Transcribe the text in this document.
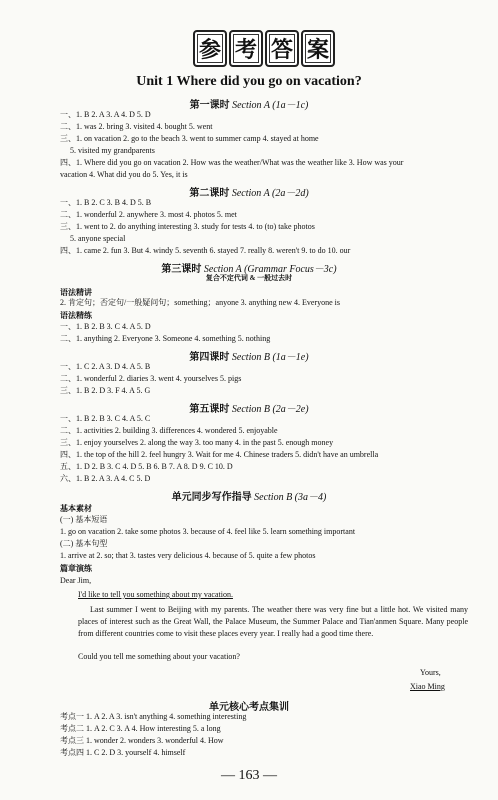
参 考 答 案
Unit 1 Where did you go on vacation?
第一课时 Section A (1a－1c)
一、1. B 2. A 3. A 4. D 5. D
二、1. was 2. bring 3. visited 4. bought 5. went
三、1. on vacation 2. go to the beach 3. went to summer camp 4. stayed at home
5. visited my grandparents
四、1. Where did you go on vacation 2. How was the weather/What was the weather like 3. How was your
vacation 4. What did you do 5. Yes, it is
第二课时 Section A (2a－2d)
一、1. B 2. C 3. B 4. D 5. B
二、1. wonderful 2. anywhere 3. most 4. photos 5. met
三、1. went to 2. do anything interesting 3. study for tests 4. to (to) take photos
5. anyone special
四、1. came 2. fun 3. But 4. windy 5. seventh 6. stayed 7. really 8. weren't 9. to do 10. our
第三课时 Section A (Grammar Focus－3c)
复合不定代词 & 一般过去时
语法精讲
2. 肯定句；否定句/一般疑问句；something；anyone 3. anything new 4. Everyone is
语法精练
一、1. B 2. B 3. C 4. A 5. D
二、1. anything 2. Everyone 3. Someone 4. something 5. nothing
第四课时 Section B (1a－1e)
一、1. C 2. A 3. D 4. A 5. B
二、1. wonderful 2. diaries 3. went 4. yourselves 5. pigs
三、1. B 2. D 3. F 4. A 5. G
第五课时 Section B (2a－2e)
一、1. B 2. B 3. C 4. A 5. C
二、1. activities 2. building 3. differences 4. wondered 5. enjoyable
三、1. enjoy yourselves 2. along the way 3. too many 4. in the past 5. enough money
四、1. the top of the hill 2. feel hungry 3. Wait for me 4. Chinese traders 5. didn't have an umbrella
五、1. D 2. B 3. C 4. D 5. B 6. B 7. A 8. D 9. C 10. D
六、1. B 2. A 3. A 4. C 5. D
单元同步写作指导 Section B (3a－4)
基本素材
(一) 基本短语
1. go on vacation 2. take some photos 3. because of 4. feel like 5. learn something important
(二) 基本句型
1. arrive at 2. so; that 3. tastes very delicious 4. because of 5. quite a few photos
篇章演练
Dear Jim,
I'd like to tell you something about my vacation.
Last summer I went to Beijing with my parents. The weather there was very fine but a little hot. We visited many places of interest such as the Great Wall, the Palace Museum, the Summer Palace and Tian'anmen Square. Many people from different countries come to visit these places every year. I really had a good time there.
Could you tell me something about your vacation?
Yours,
Xiao Ming
单元核心考点集训
考点一 1. A 2. A 3. isn't anything 4. something interesting
考点二 1. A 2. C 3. A 4. How interesting 5. a long
考点三 1. wonder 2. wonders 3. wonderful 4. How
考点四 1. C 2. D 3. yourself 4. himself
— 163 —
